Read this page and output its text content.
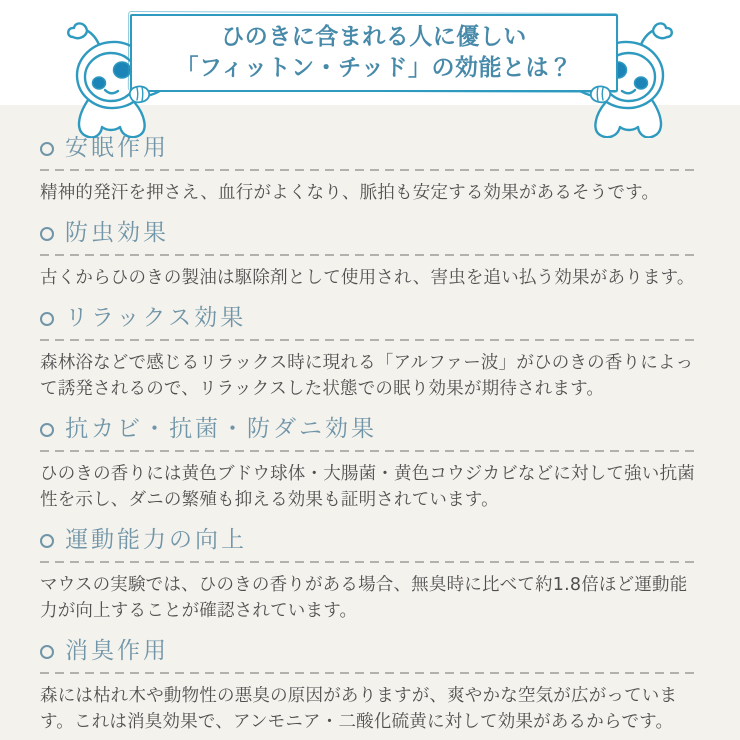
ひのきに含まれる人に優しい
「フィットン・チッド」の効能とは？
安眠作用

精神的発汗を押さえ、血行がよくなり、脈拍も安定する効果があるそうです。

防虫効果

古くからひのきの製油は駆除剤として使用され、害虫を追い払う効果があります。

リラックス効果

森林浴などで感じるリラックス時に現れる「アルファー波」がひのきの香りによって誘発されるので、リラックスした状態での眠り効果が期待されます。

抗カビ・抗菌・防ダニ効果

ひのきの香りには黄色ブドウ球体・大腸菌・黄色コウジカビなどに対して強い抗菌性を示し、ダニの繁殖も抑える効果も証明されています。

運動能力の向上

マウスの実験では、ひのきの香りがある場合、無臭時に比べて約1.8倍ほど運動能力が向上することが確認されています。

消臭作用

森には枯れ木や動物性の悪臭の原因がありますが、爽やかな空気が広がっています。これは消臭効果で、アンモニア・二酸化硫黄に対して効果があるからです。
